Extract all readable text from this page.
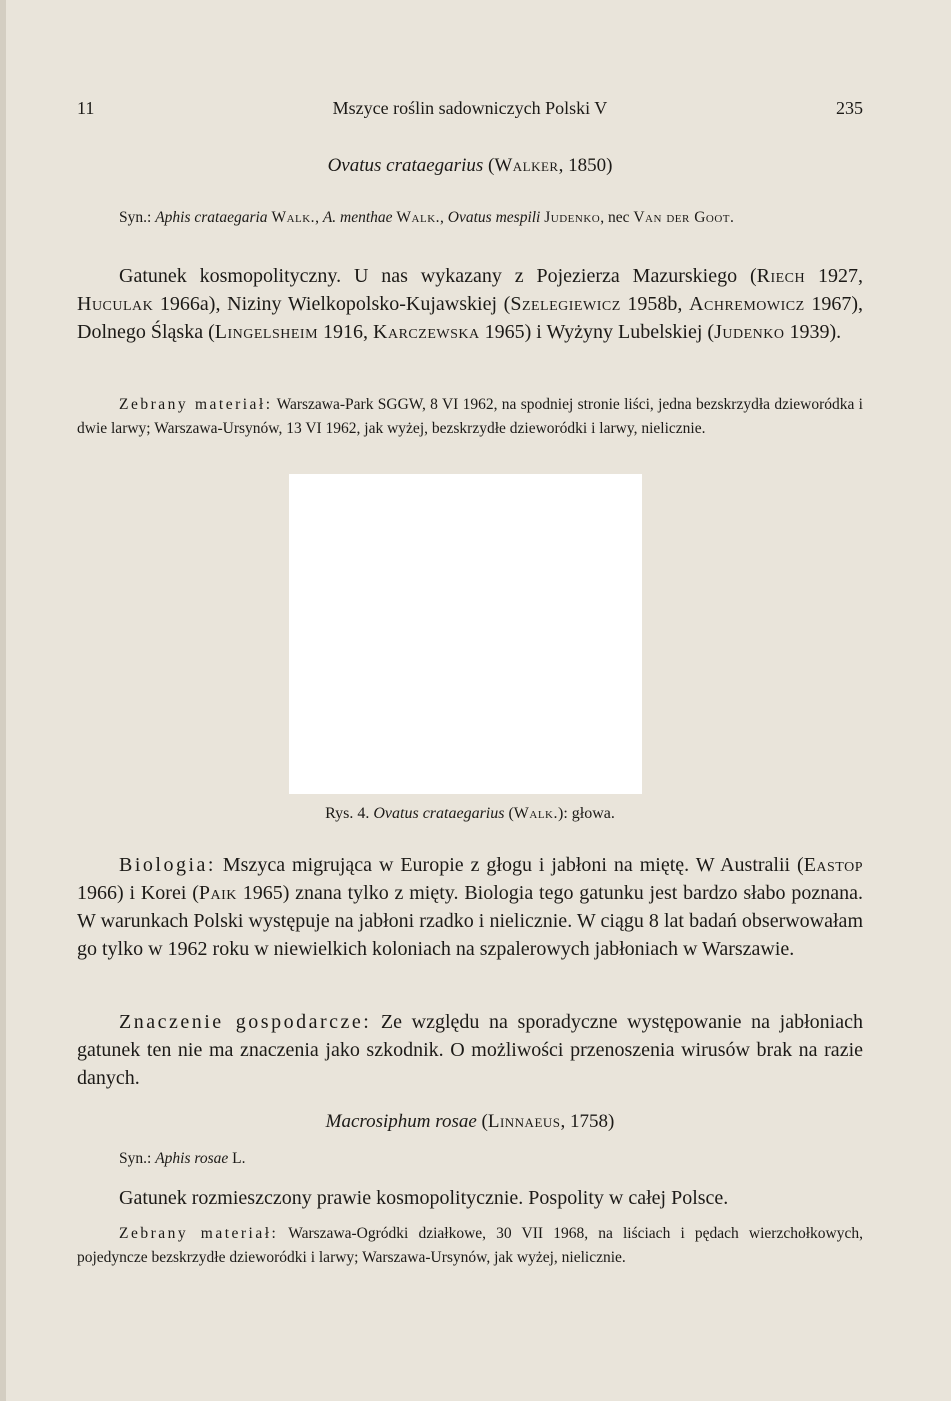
11	Mszyce roślin sadowniczych Polski V	235
Ovatus crataegarius (Walker, 1850)
Syn.: Aphis crataegaria Walk., A. menthae Walk., Ovatus mespili Judenko, nec Van der Goot.
Gatunek kosmopolityczny. U nas wykazany z Pojezierza Mazurskiego (Riech 1927, Huculak 1966a), Niziny Wielkopolsko-Kujawskiej (Szelegiewicz 1958b, Achremowicz 1967), Dolnego Śląska (Lingelsheim 1916, Karczewska 1965) i Wyżyny Lubelskiej (Judenko 1939).
Zebrany materiał: Warszawa-Park SGGW, 8 VI 1962, na spodniej stronie liści, jedna bezskrzydła dzieworódka i dwie larwy; Warszawa-Ursynów, 13 VI 1962, jak wyżej, bezskrzydłe dzieworódki i larwy, nielicznie.
Rys. 4. Ovatus crataegarius (Walk.): głowa.
Biologia: Mszyca migrująca w Europie z głogu i jabłoni na miętę. W Australii (Eastop 1966) i Korei (Paik 1965) znana tylko z mięty. Biologia tego gatunku jest bardzo słabo poznana. W warunkach Polski występuje na jabłoni rzadko i nielicznie. W ciągu 8 lat badań obserwowałam go tylko w 1962 roku w niewielkich koloniach na szpalerowych jabłoniach w Warszawie.
Znaczenie gospodarcze: Ze względu na sporadyczne występowanie na jabłoniach gatunek ten nie ma znaczenia jako szkodnik. O możliwości przenoszenia wirusów brak na razie danych.
Macrosiphum rosae (Linnaeus, 1758)
Syn.: Aphis rosae L.
Gatunek rozmieszczony prawie kosmopolitycznie. Pospolity w całej Polsce.
Zebrany materiał: Warszawa-Ogródki działkowe, 30 VII 1968, na liściach i pędach wierzchołkowych, pojedyncze bezskrzydłe dzieworódki i larwy; Warszawa-Ursynów, jak wyżej, nielicznie.
